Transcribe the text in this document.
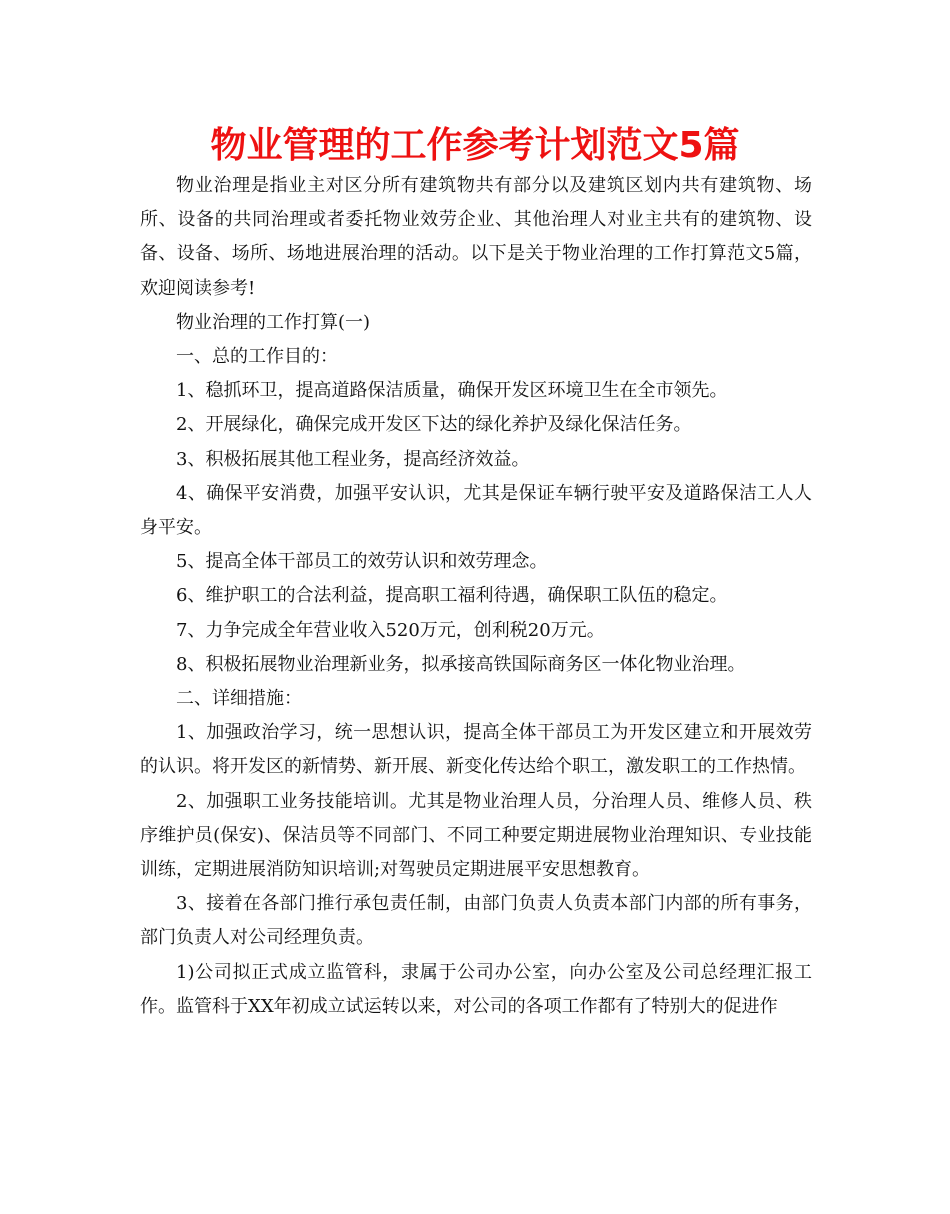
物业管理的工作参考计划范文5篇

物业治理是指业主对区分所有建筑物共有部分以及建筑区划内共有建筑物、场所、设备的共同治理或者委托物业效劳企业、其他治理人对业主共有的建筑物、设备、设备、场所、场地进展治理的活动。以下是关于物业治理的工作打算范文5篇，欢迎阅读参考!

物业治理的工作打算(一)

一、总的工作目的：

1、稳抓环卫，提高道路保洁质量，确保开发区环境卫生在全市领先。

2、开展绿化，确保完成开发区下达的绿化养护及绿化保洁任务。

3、积极拓展其他工程业务，提高经济效益。

4、确保平安消费，加强平安认识，尤其是保证车辆行驶平安及道路保洁工人人身平安。

5、提高全体干部员工的效劳认识和效劳理念。

6、维护职工的合法利益，提高职工福利待遇，确保职工队伍的稳定。

7、力争完成全年营业收入520万元，创利税20万元。

8、积极拓展物业治理新业务，拟承接高铁国际商务区一体化物业治理。

二、详细措施：

1、加强政治学习，统一思想认识，提高全体干部员工为开发区建立和开展效劳的认识。将开发区的新情势、新开展、新变化传达给个职工，激发职工的工作热情。

2、加强职工业务技能培训。尤其是物业治理人员，分治理人员、维修人员、秩序维护员(保安)、保洁员等不同部门、不同工种要定期进展物业治理知识、专业技能训练，定期进展消防知识培训;对驾驶员定期进展平安思想教育。

3、接着在各部门推行承包责任制，由部门负责人负责本部门内部的所有事务，部门负责人对公司经理负责。

1)公司拟正式成立监管科，隶属于公司办公室，向办公室及公司总经理汇报工作。监管科于XX年初成立试运转以来，对公司的各项工作都有了特别大的促进作
